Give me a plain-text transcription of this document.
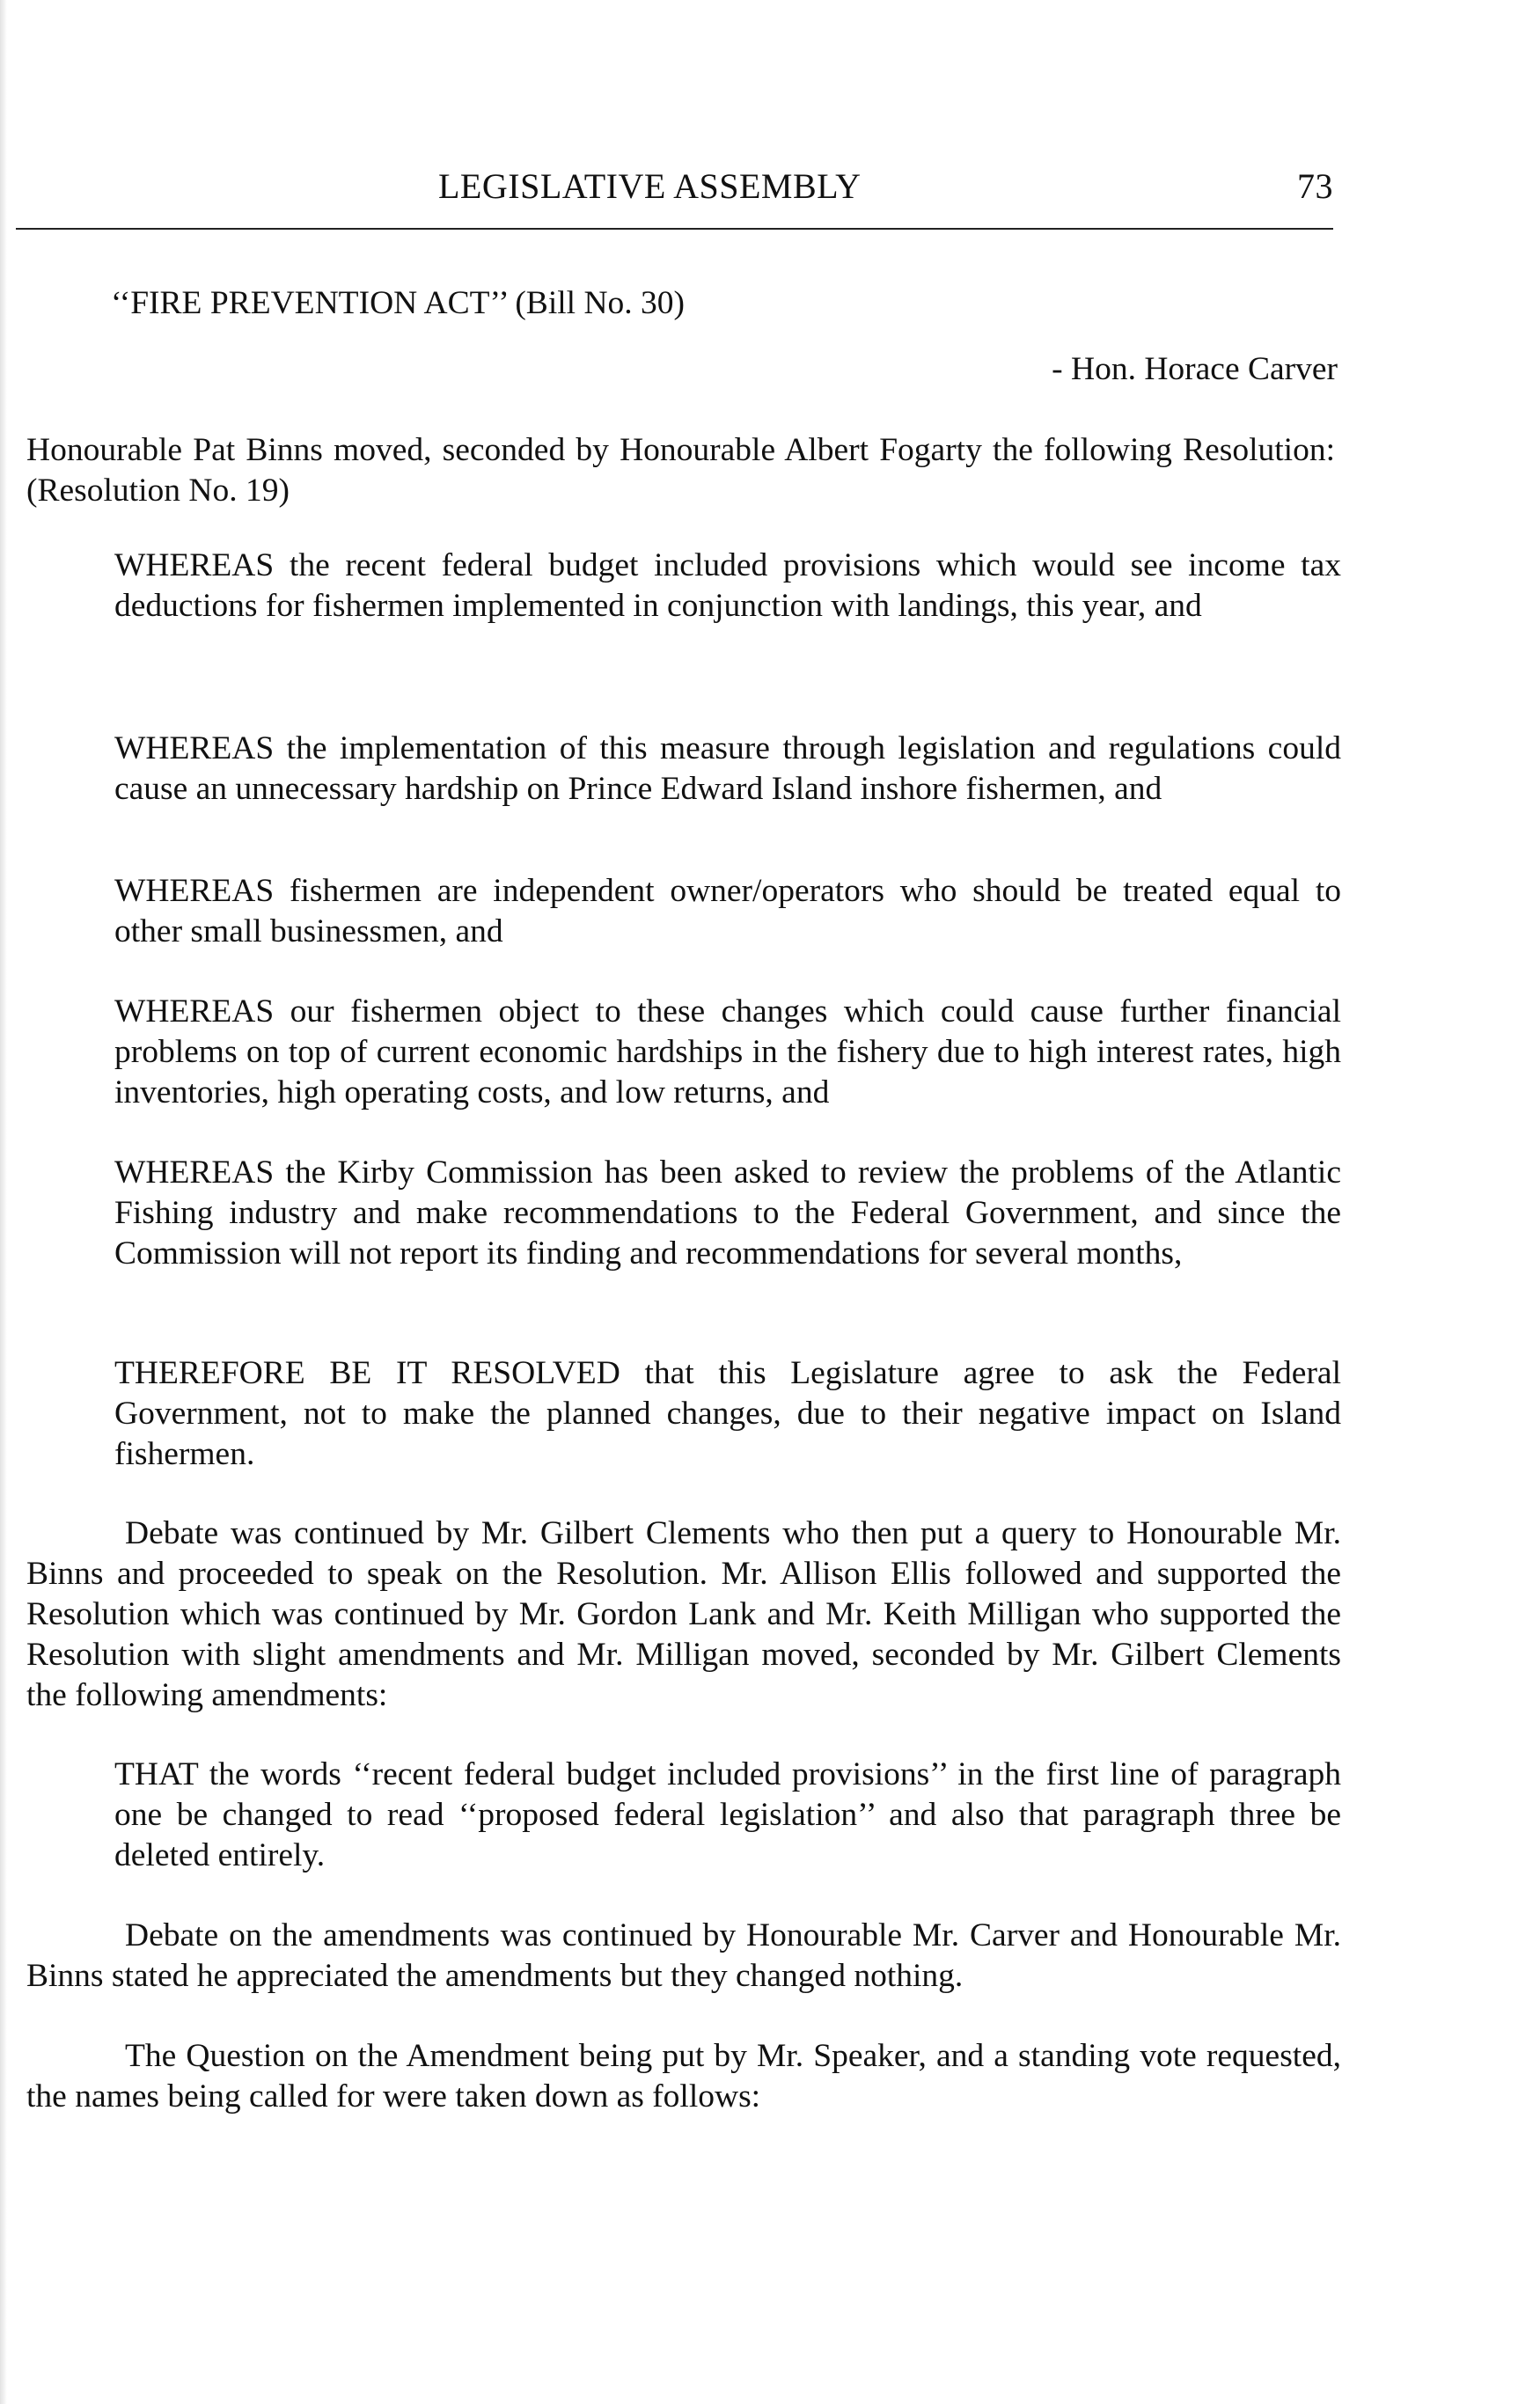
LEGISLATIVE ASSEMBLY	73
‘‘FIRE PREVENTION ACT’’ (Bill No. 30)
- Hon. Horace Carver

Honourable Pat Binns moved, seconded by Honourable Albert Fogarty the following Resolution: (Resolution No. 19)

WHEREAS the recent federal budget included provisions which would see income tax deductions for fishermen implemented in conjunction with landings, this year, and

WHEREAS the implementation of this measure through legislation and regulations could cause an unnecessary hardship on Prince Edward Island inshore fishermen, and

WHEREAS fishermen are independent owner/operators who should be treated equal to other small businessmen, and

WHEREAS our fishermen object to these changes which could cause further financial problems on top of current economic hardships in the fishery due to high interest rates, high inventories, high operating costs, and low returns, and

WHEREAS the Kirby Commission has been asked to review the problems of the Atlantic Fishing industry and make recommendations to the Federal Government, and since the Commission will not report its finding and recommendations for several months,

THEREFORE BE IT RESOLVED that this Legislature agree to ask the Federal Government, not to make the planned changes, due to their negative impact on Island fishermen.

Debate was continued by Mr. Gilbert Clements who then put a query to Honourable Mr. Binns and proceeded to speak on the Resolution. Mr. Allison Ellis followed and supported the Resolution which was continued by Mr. Gordon Lank and Mr. Keith Milligan who supported the Resolution with slight amendments and Mr. Milligan moved, seconded by Mr. Gilbert Clements the following amendments:

THAT the words ‘‘recent federal budget included provisions’’ in the first line of paragraph one be changed to read ‘‘proposed federal legislation’’ and also that paragraph three be deleted entirely.

Debate on the amendments was continued by Honourable Mr. Carver and Honourable Mr. Binns stated he appreciated the amendments but they changed nothing.

The Question on the Amendment being put by Mr. Speaker, and a standing vote requested, the names being called for were taken down as follows:
